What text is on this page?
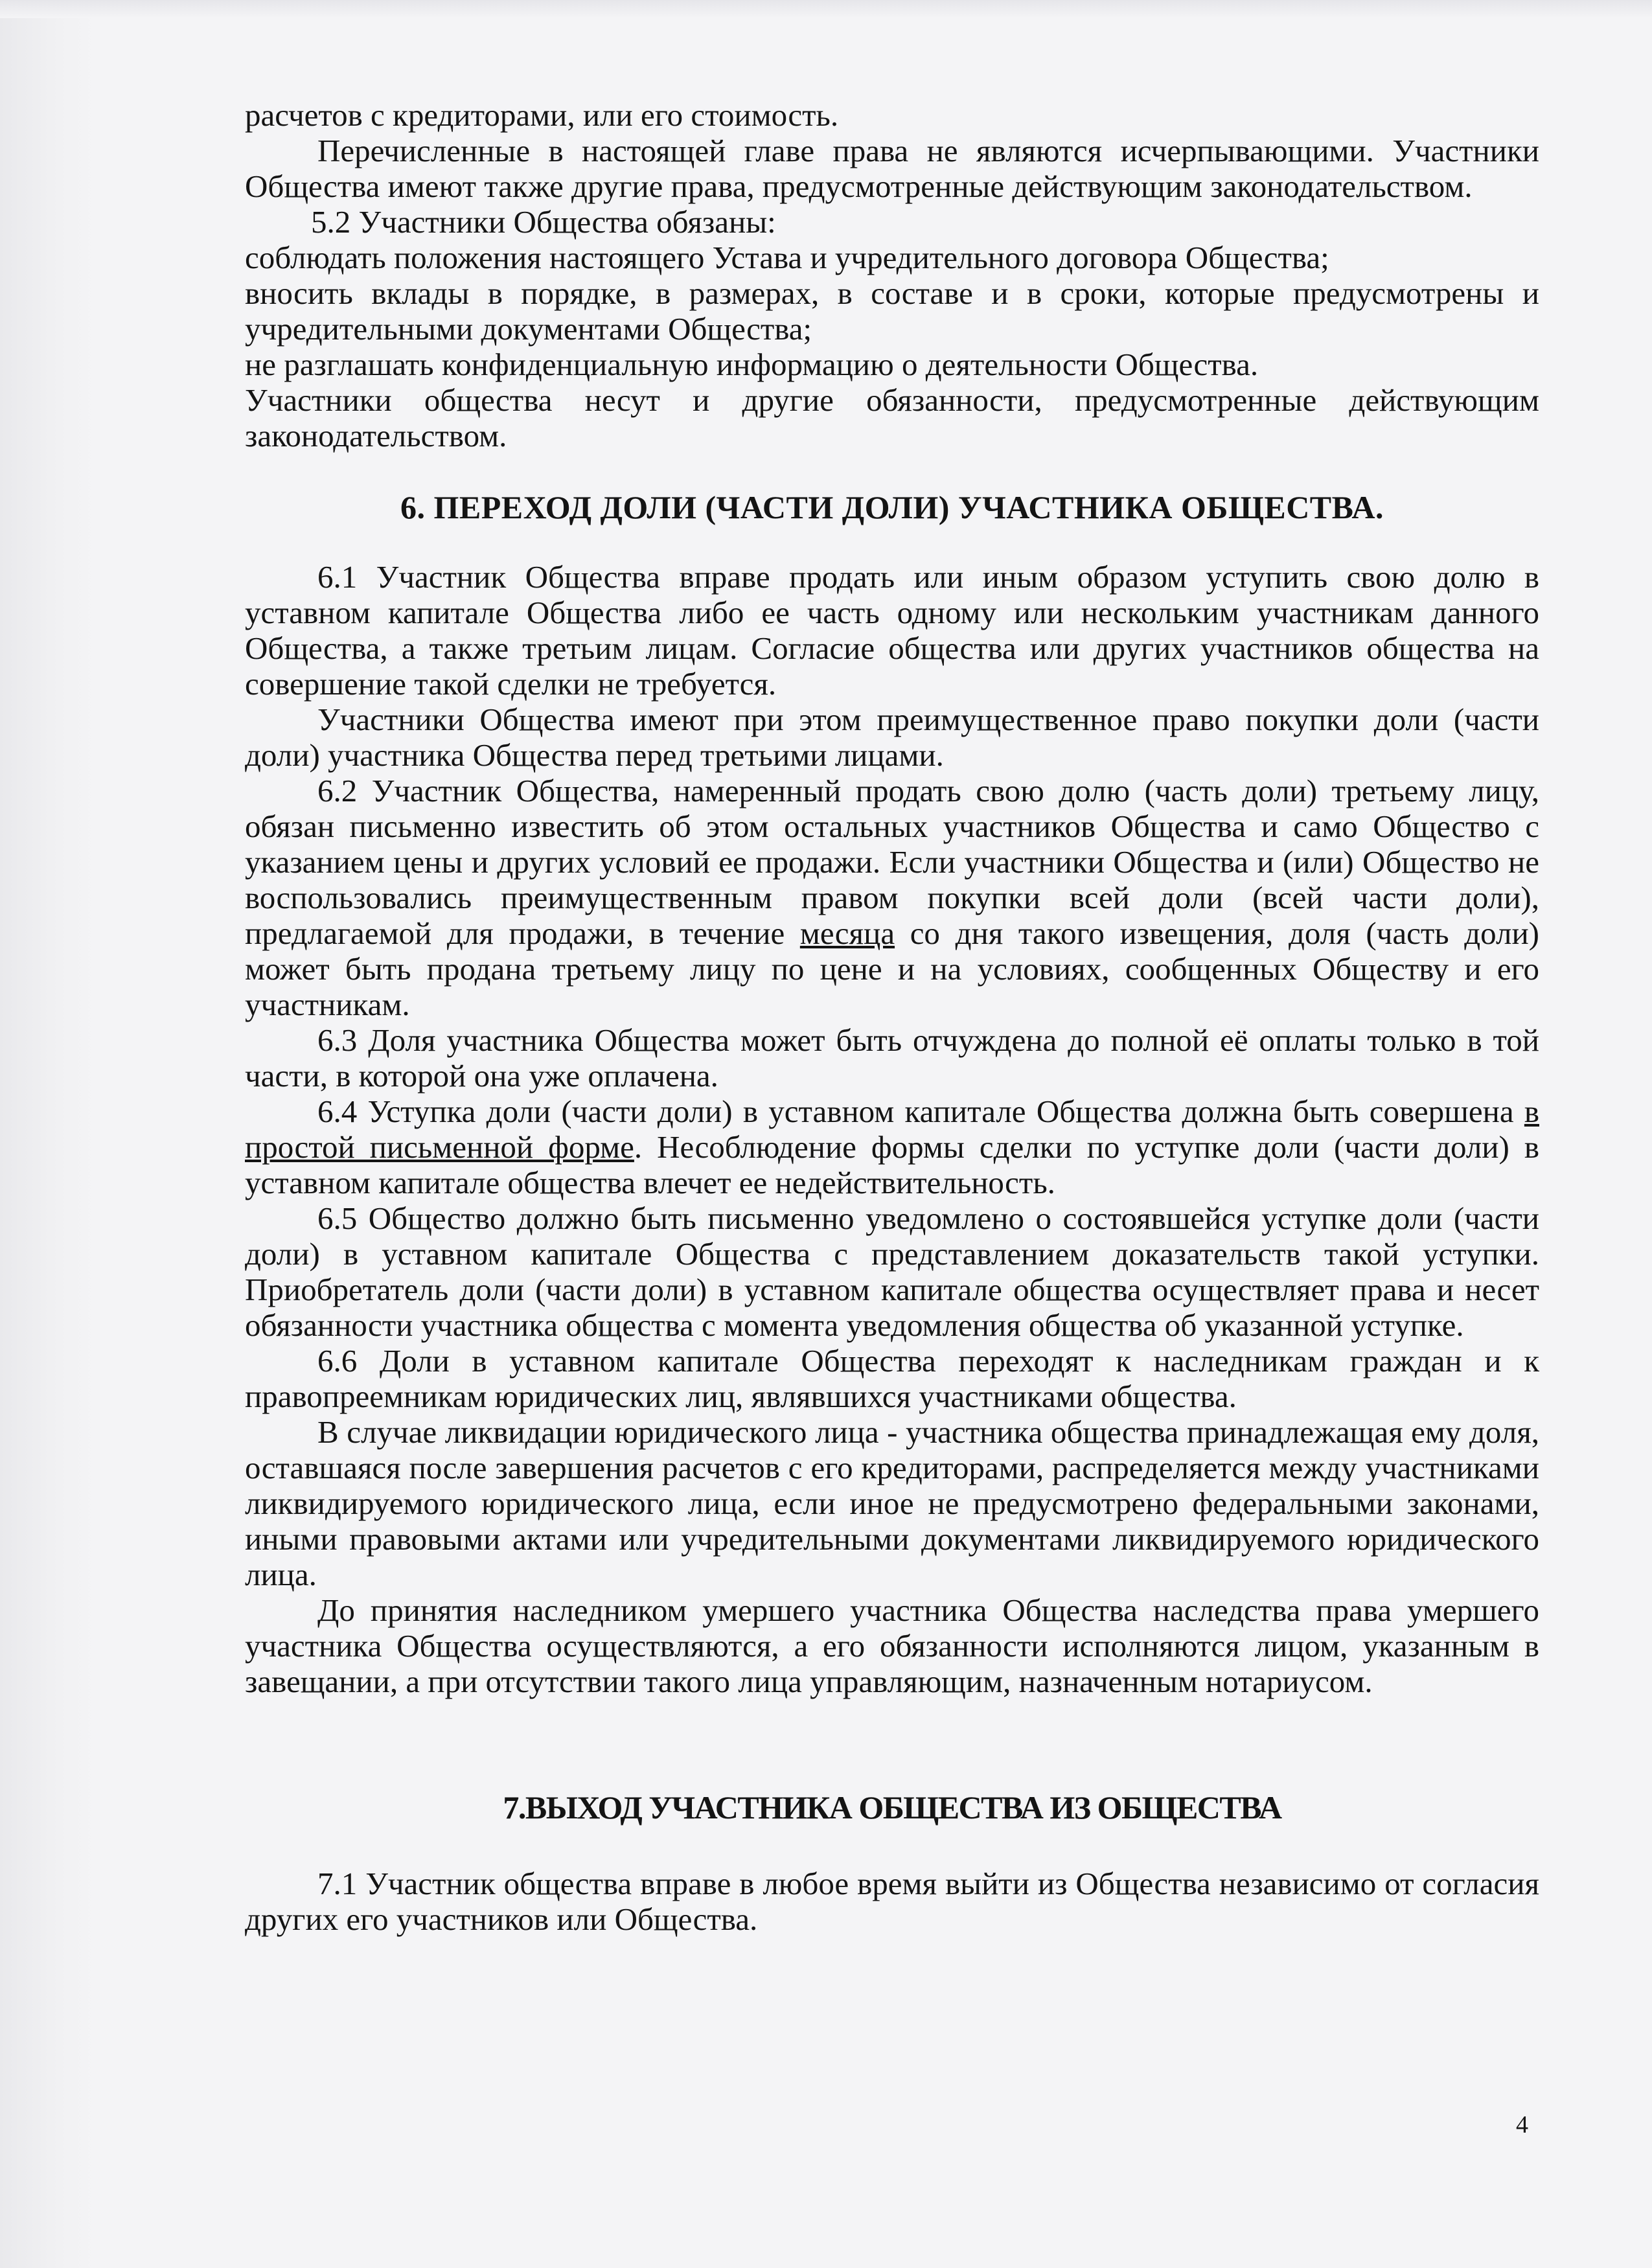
расчетов с кредиторами, или его стоимость.

Перечисленные в настоящей главе права не являются исчерпывающими. Участники Общества имеют также другие права, предусмотренные действующим законодательством.

5.2 Участники Общества обязаны:

соблюдать положения настоящего Устава и учредительного договора Общества;

вносить вклады в порядке, в размерах, в составе и в сроки, которые предусмотрены и учредительными документами Общества;

не разглашать конфиденциальную информацию о деятельности Общества.

Участники общества несут и другие обязанности, предусмотренные действующим законодательством.

6. ПЕРЕХОД ДОЛИ (ЧАСТИ ДОЛИ) УЧАСТНИКА ОБЩЕСТВА.

6.1 Участник Общества вправе продать или иным образом уступить свою долю в уставном капитале Общества либо ее часть одному или нескольким участникам данного Общества, а также третьим лицам. Согласие общества или других участников общества на совершение такой сделки не требуется.

Участники Общества имеют при этом преимущественное право покупки доли (части доли) участника Общества перед третьими лицами.

6.2 Участник Общества, намеренный продать свою долю (часть доли) третьему лицу, обязан письменно известить об этом остальных участников Общества и само Общество с указанием цены и других условий ее продажи. Если участники Общества и (или) Общество не воспользовались преимущественным правом покупки всей доли (всей части доли), предлагаемой для продажи, в течение месяца со дня такого извещения, доля (часть доли) может быть продана третьему лицу по цене и на условиях, сообщенных Обществу и его участникам.

6.3 Доля участника Общества может быть отчуждена до полной её оплаты только в той части, в которой она уже оплачена.

6.4 Уступка доли (части доли) в уставном капитале Общества должна быть совершена в простой письменной форме. Несоблюдение формы сделки по уступке доли (части доли) в уставном капитале общества влечет ее недействительность.

6.5 Общество должно быть письменно уведомлено о состоявшейся уступке доли (части доли) в уставном капитале Общества с представлением доказательств такой уступки. Приобретатель доли (части доли) в уставном капитале общества осуществляет права и несет обязанности участника общества с момента уведомления общества об указанной уступке.

6.6 Доли в уставном капитале Общества переходят к наследникам граждан и к правопреемникам юридических лиц, являвшихся участниками общества.

В случае ликвидации юридического лица - участника общества принадлежащая ему доля, оставшаяся после завершения расчетов с его кредиторами, распределяется между участниками ликвидируемого юридического лица, если иное не предусмотрено федеральными законами, иными правовыми актами или учредительными документами ликвидируемого юридического лица.

До принятия наследником умершего участника Общества наследства права умершего участника Общества осуществляются, а его обязанности исполняются лицом, указанным в завещании, а при отсутствии такого лица управляющим, назначенным нотариусом.

7.ВЫХОД УЧАСТНИКА ОБЩЕСТВА ИЗ ОБЩЕСТВА

7.1 Участник общества вправе в любое время выйти из Общества независимо от согласия других его участников или Общества.

4
